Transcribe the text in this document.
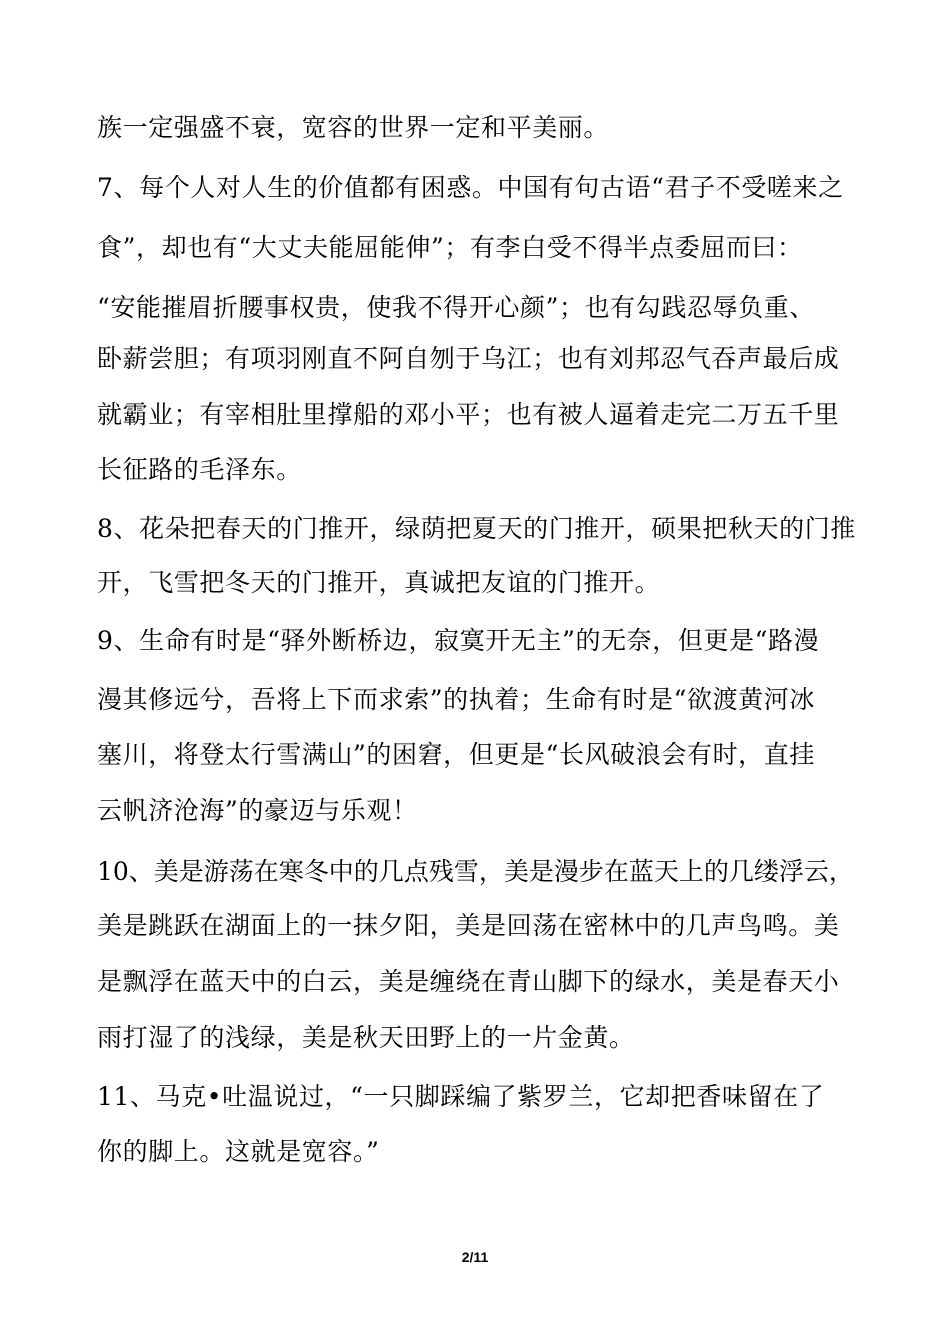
族一定强盛不衰，宽容的世界一定和平美丽。
7、每个人对人生的价值都有困惑。中国有句古语“君子不受嗟来之
食”，却也有“大丈夫能屈能伸”；有李白受不得半点委屈而曰：
“安能摧眉折腰事权贵，使我不得开心颜”；也有勾践忍辱负重、
卧薪尝胆；有项羽刚直不阿自刎于乌江；也有刘邦忍气吞声最后成
就霸业；有宰相肚里撑船的邓小平；也有被人逼着走完二万五千里
长征路的毛泽东。
8、花朵把春天的门推开，绿荫把夏天的门推开，硕果把秋天的门推
开，飞雪把冬天的门推开，真诚把友谊的门推开。
9、生命有时是“驿外断桥边，寂寞开无主”的无奈，但更是“路漫
漫其修远兮，吾将上下而求索”的执着；生命有时是“欲渡黄河冰
塞川，将登太行雪满山”的困窘，但更是“长风破浪会有时，直挂
云帆济沧海”的豪迈与乐观！
10、美是游荡在寒冬中的几点残雪，美是漫步在蓝天上的几缕浮云，
美是跳跃在湖面上的一抹夕阳，美是回荡在密林中的几声鸟鸣。美
是飘浮在蓝天中的白云，美是缠绕在青山脚下的绿水，美是春天小
雨打湿了的浅绿，美是秋天田野上的一片金黄。
11、马克•吐温说过，“一只脚踩编了紫罗兰，它却把香味留在了
你的脚上。这就是宽容。”
2/11
